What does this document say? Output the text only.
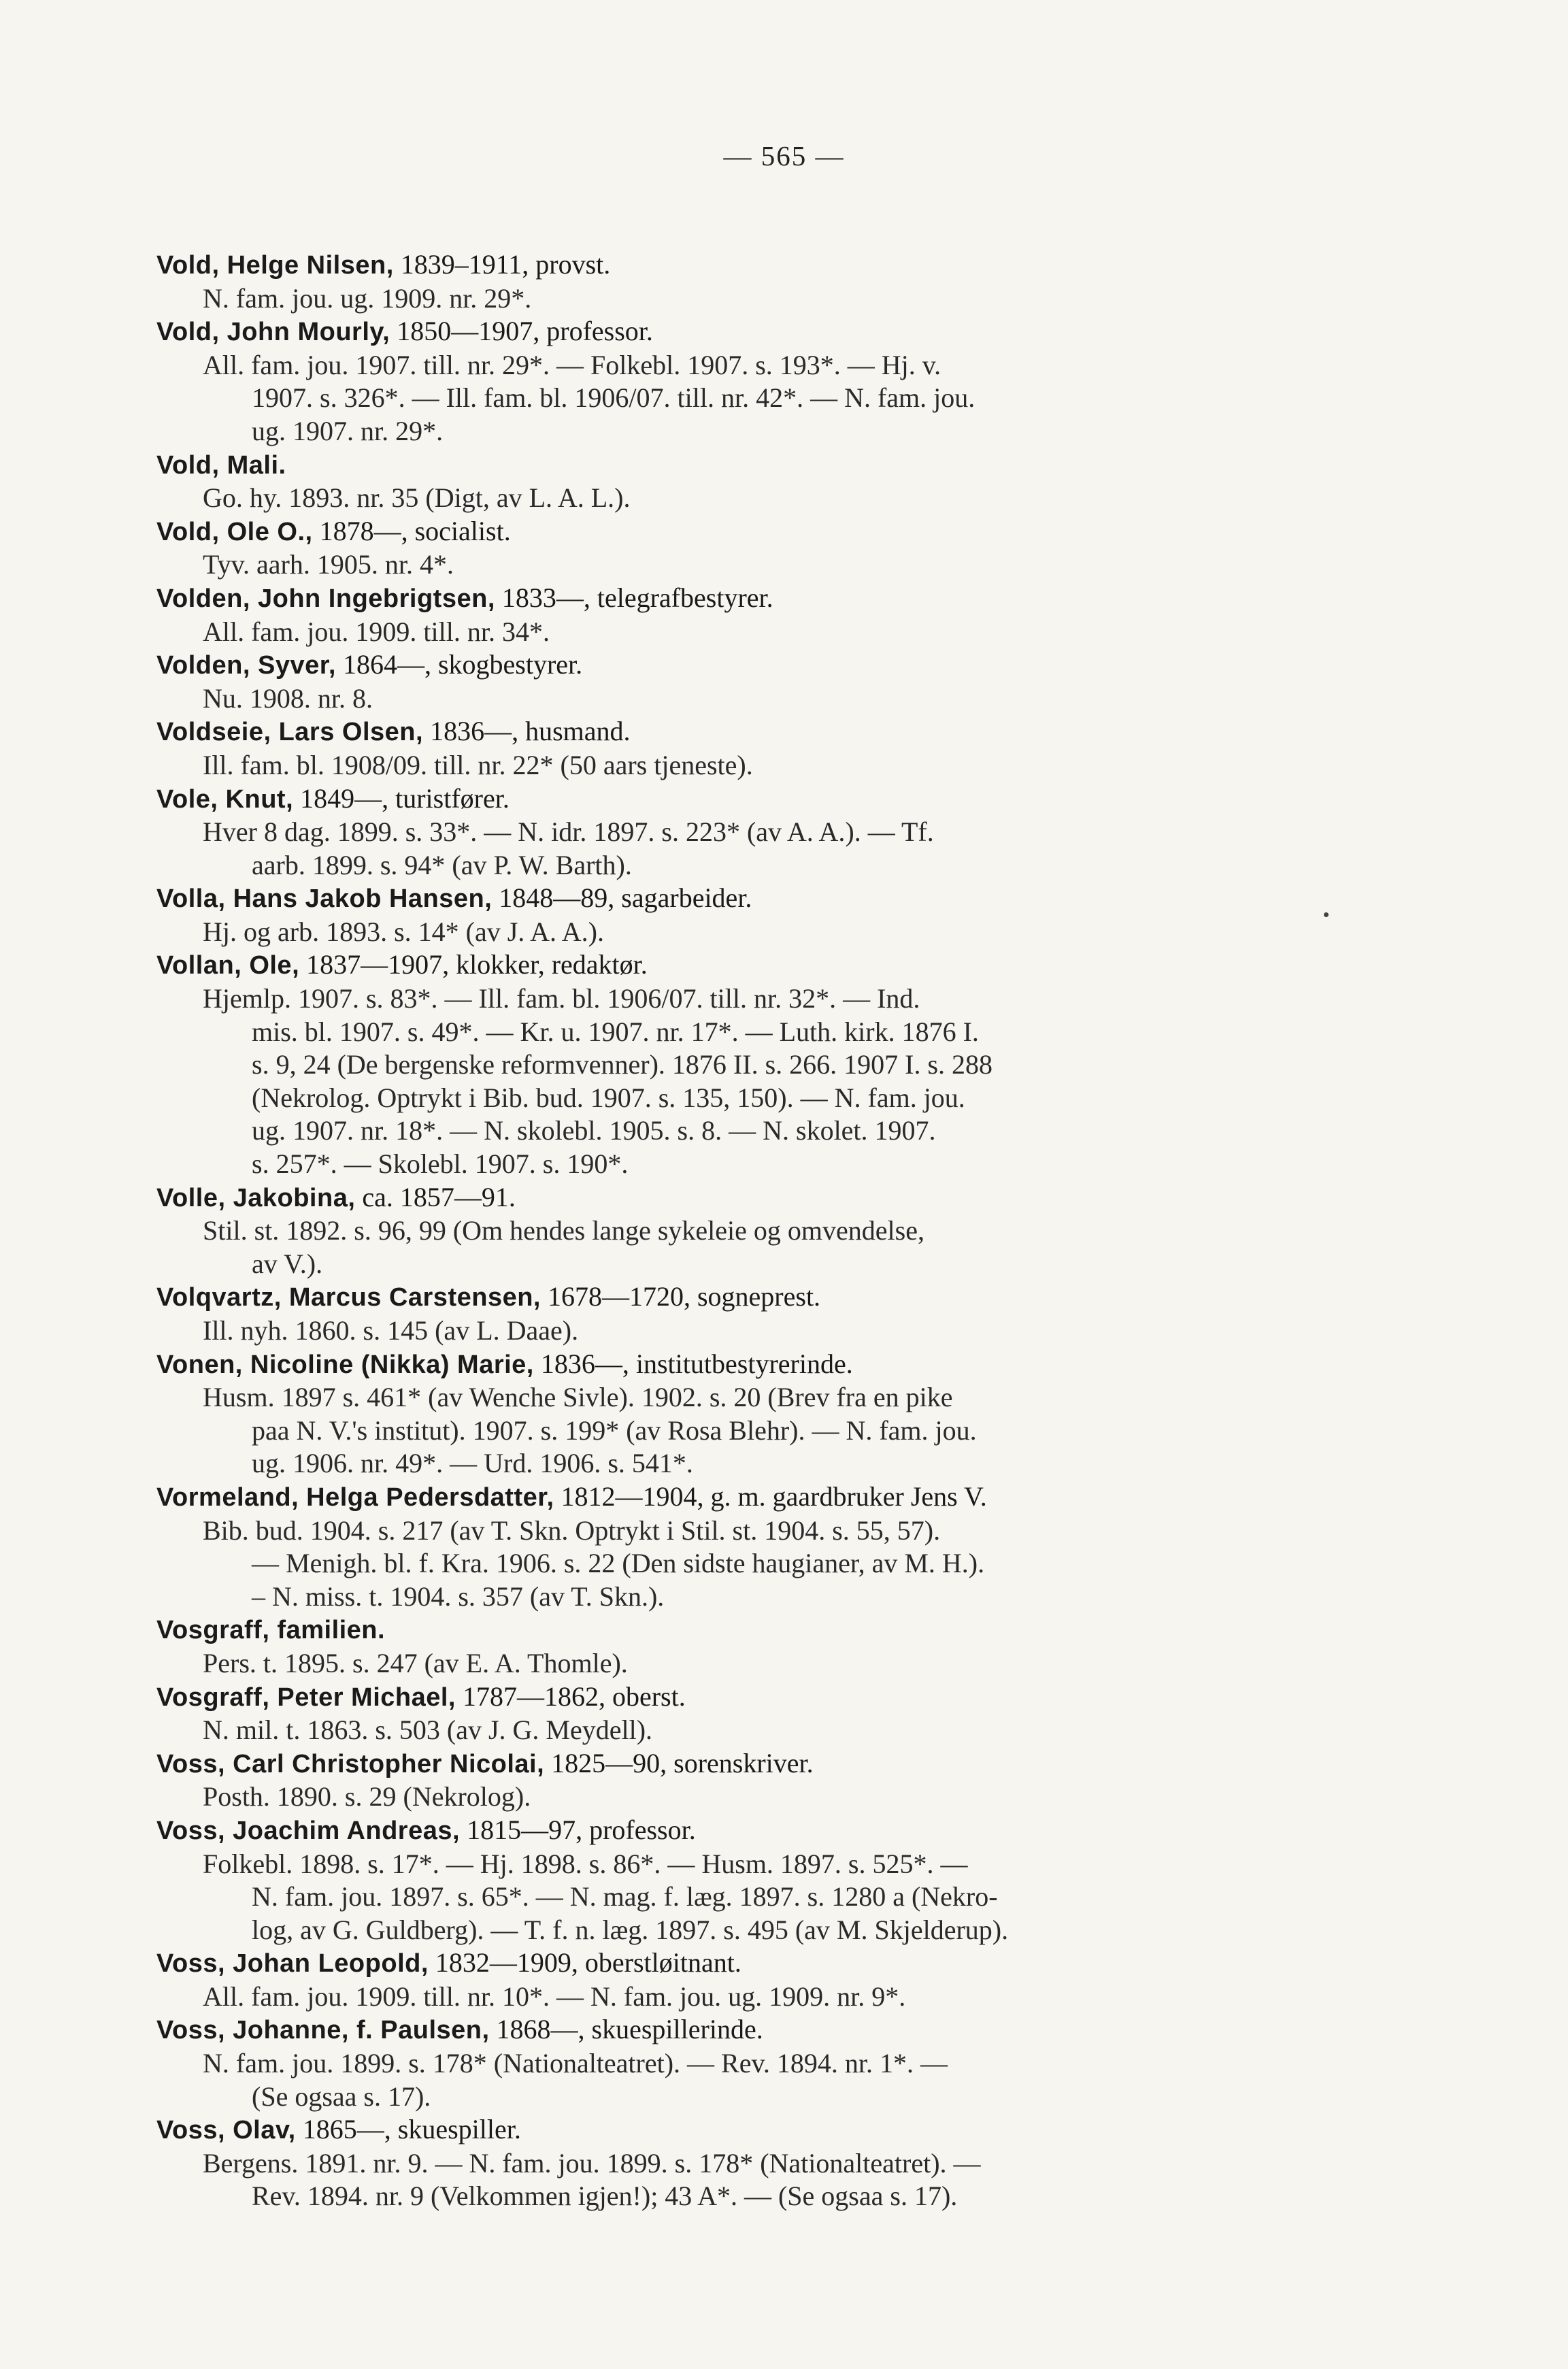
— 565 —
Vold, Helge Nilsen, 1839–1911, provst.
N. fam. jou. ug. 1909. nr. 29*.
Vold, John Mourly, 1850—1907, professor.
All. fam. jou. 1907. till. nr. 29*. — Folkebl. 1907. s. 193*. — Hj. v.
1907. s. 326*. — Ill. fam. bl. 1906/07. till. nr. 42*. — N. fam. jou.
ug. 1907. nr. 29*.
Vold, Mali.
Go. hy. 1893. nr. 35 (Digt, av L. A. L.).
Vold, Ole O., 1878—, socialist.
Tyv. aarh. 1905. nr. 4*.
Volden, John Ingebrigtsen, 1833—, telegrafbestyrer.
All. fam. jou. 1909. till. nr. 34*.
Volden, Syver, 1864—, skogbestyrer.
Nu. 1908. nr. 8.
Voldseie, Lars Olsen, 1836—, husmand.
Ill. fam. bl. 1908/09. till. nr. 22* (50 aars tjeneste).
Vole, Knut, 1849—, turistfører.
Hver 8 dag. 1899. s. 33*. — N. idr. 1897. s. 223* (av A. A.). — Tf.
aarb. 1899. s. 94* (av P. W. Barth).
Volla, Hans Jakob Hansen, 1848—89, sagarbeider.
Hj. og arb. 1893. s. 14* (av J. A. A.).
Vollan, Ole, 1837—1907, klokker, redaktør.
Hjemlp. 1907. s. 83*. — Ill. fam. bl. 1906/07. till. nr. 32*. — Ind.
mis. bl. 1907. s. 49*. — Kr. u. 1907. nr. 17*. — Luth. kirk. 1876 I.
s. 9, 24 (De bergenske reformvenner). 1876 II. s. 266. 1907 I. s. 288
(Nekrolog. Optrykt i Bib. bud. 1907. s. 135, 150). — N. fam. jou.
ug. 1907. nr. 18*. — N. skolebl. 1905. s. 8. — N. skolet. 1907.
s. 257*. — Skolebl. 1907. s. 190*.
Volle, Jakobina, ca. 1857—91.
Stil. st. 1892. s. 96, 99 (Om hendes lange sykeleie og omvendelse,
av V.).
Volqvartz, Marcus Carstensen, 1678—1720, sogneprest.
Ill. nyh. 1860. s. 145 (av L. Daae).
Vonen, Nicoline (Nikka) Marie, 1836—, institutbestyrerinde.
Husm. 1897 s. 461* (av Wenche Sivle). 1902. s. 20 (Brev fra en pike
paa N. V.'s institut). 1907. s. 199* (av Rosa Blehr). — N. fam. jou.
ug. 1906. nr. 49*. — Urd. 1906. s. 541*.
Vormeland, Helga Pedersdatter, 1812—1904, g. m. gaardbruker Jens V.
Bib. bud. 1904. s. 217 (av T. Skn. Optrykt i Stil. st. 1904. s. 55, 57).
— Menigh. bl. f. Kra. 1906. s. 22 (Den sidste haugianer, av M. H.).
– N. miss. t. 1904. s. 357 (av T. Skn.).
Vosgraff, familien.
Pers. t. 1895. s. 247 (av E. A. Thomle).
Vosgraff, Peter Michael, 1787—1862, oberst.
N. mil. t. 1863. s. 503 (av J. G. Meydell).
Voss, Carl Christopher Nicolai, 1825—90, sorenskriver.
Posth. 1890. s. 29 (Nekrolog).
Voss, Joachim Andreas, 1815—97, professor.
Folkebl. 1898. s. 17*. — Hj. 1898. s. 86*. — Husm. 1897. s. 525*. —
N. fam. jou. 1897. s. 65*. — N. mag. f. læg. 1897. s. 1280 a (Nekro-
log, av G. Guldberg). — T. f. n. læg. 1897. s. 495 (av M. Skjelderup).
Voss, Johan Leopold, 1832—1909, oberstløitnant.
All. fam. jou. 1909. till. nr. 10*. — N. fam. jou. ug. 1909. nr. 9*.
Voss, Johanne, f. Paulsen, 1868—, skuespillerinde.
N. fam. jou. 1899. s. 178* (Nationalteatret). — Rev. 1894. nr. 1*. —
(Se ogsaa s. 17).
Voss, Olav, 1865—, skuespiller.
Bergens. 1891. nr. 9. — N. fam. jou. 1899. s. 178* (Nationalteatret). —
Rev. 1894. nr. 9 (Velkommen igjen!); 43 A*. — (Se ogsaa s. 17).
